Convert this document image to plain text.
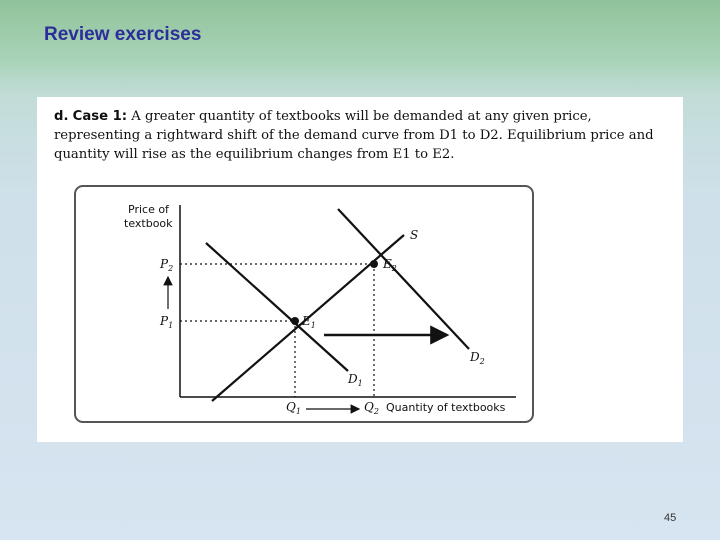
Review exercises

d. Case 1: A greater quantity of textbooks will be demanded at any given price, representing a rightward shift of the demand curve from D1 to D2. Equilibrium price and quantity will rise as the equilibrium changes from E1 to E2.

Price of
textbook
S
$D_1$
$D_2$
$E_1$
$E_2$
$P_2$
$P_1$
$Q_1$	$Q_2$ Quantity of textbooks
45
